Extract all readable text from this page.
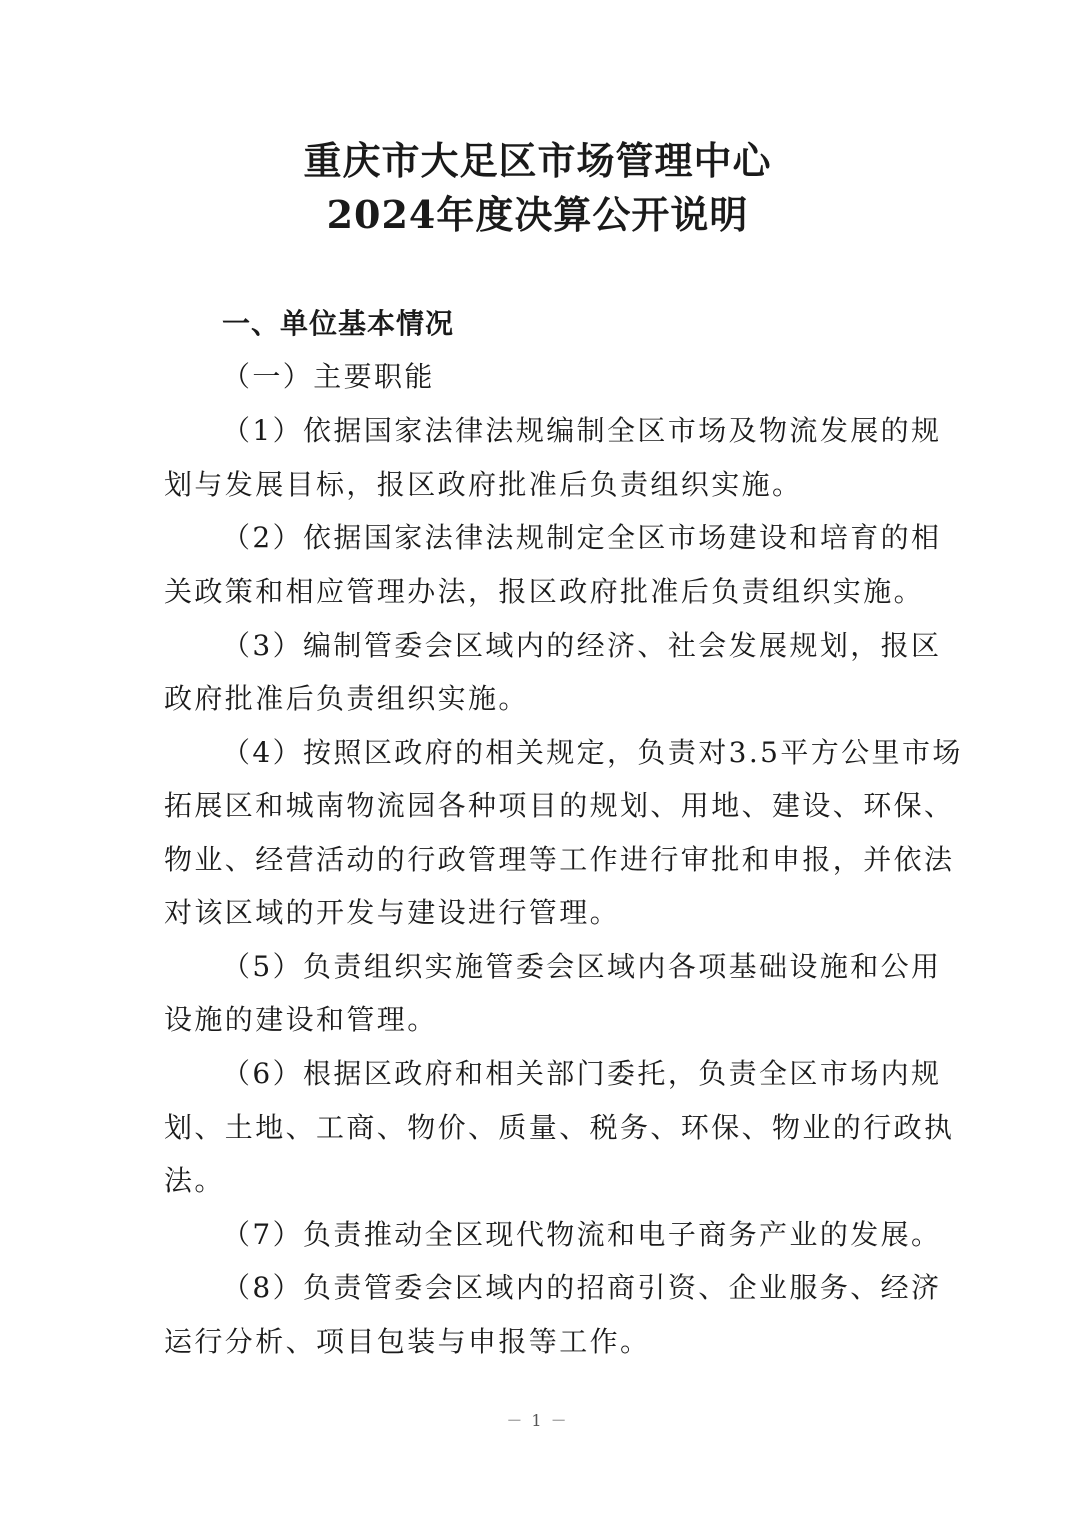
重庆市大足区市场管理中心
2024年度决算公开说明
一、单位基本情况
（一）主要职能
（1）依据国家法律法规编制全区市场及物流发展的规
划与发展目标，报区政府批准后负责组织实施。
（2）依据国家法律法规制定全区市场建设和培育的相
关政策和相应管理办法，报区政府批准后负责组织实施。
（3）编制管委会区域内的经济、社会发展规划，报区
政府批准后负责组织实施。
（4）按照区政府的相关规定，负责对3.5平方公里市场
拓展区和城南物流园各种项目的规划、用地、建设、环保、
物业、经营活动的行政管理等工作进行审批和申报，并依法
对该区域的开发与建设进行管理。
（5）负责组织实施管委会区域内各项基础设施和公用
设施的建设和管理。
（6）根据区政府和相关部门委托，负责全区市场内规
划、土地、工商、物价、质量、税务、环保、物业的行政执
法。
（7）负责推动全区现代物流和电子商务产业的发展。
（8）负责管委会区域内的招商引资、企业服务、经济
运行分析、项目包装与申报等工作。
－ 1 －
